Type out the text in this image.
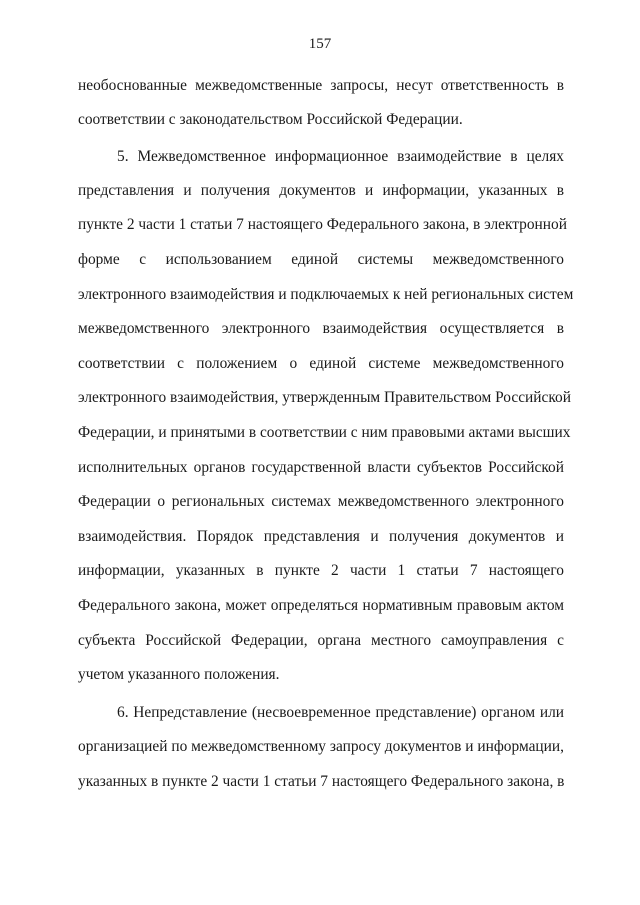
157
необоснованные межведомственные запросы, несут ответственность в
соответствии с законодательством Российской Федерации.
5. Межведомственное информационное взаимодействие в целях
представления и получения документов и информации, указанных в
пункте 2 части 1 статьи 7 настоящего Федерального закона, в электронной
форме с использованием единой системы межведомственного
электронного взаимодействия и подключаемых к ней региональных систем
межведомственного электронного взаимодействия осуществляется в
соответствии с положением о единой системе межведомственного
электронного взаимодействия, утвержденным Правительством Российской
Федерации, и принятыми в соответствии с ним правовыми актами высших
исполнительных органов государственной власти субъектов Российской
Федерации о региональных системах межведомственного электронного
взаимодействия. Порядок представления и получения документов и
информации, указанных в пункте 2 части 1 статьи 7 настоящего
Федерального закона, может определяться нормативным правовым актом
субъекта Российской Федерации, органа местного самоуправления с
учетом указанного положения.
6. Непредставление (несвоевременное представление) органом или
организацией по межведомственному запросу документов и информации,
указанных в пункте 2 части 1 статьи 7 настоящего Федерального закона, в
